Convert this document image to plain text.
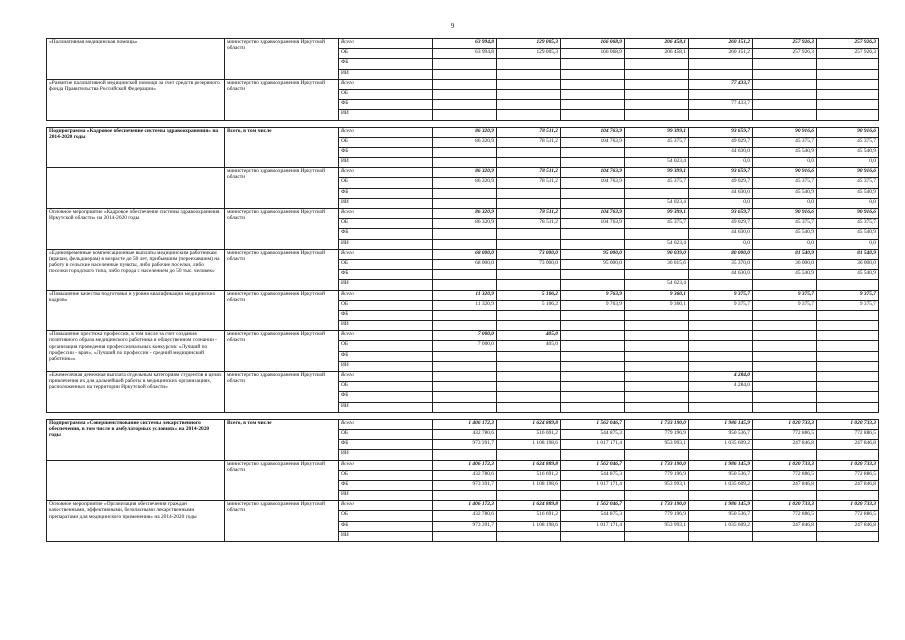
9
«Паллиативная медицинская помощь»	министерство здравоохранения Иркутской области	Всего	63 994,8	129 005,3	166 068,9	206 458,1	260 151,2	257 926,3	257 926,3
		ОБ	63 994,8	129 005,3	166 068,9	206 458,1	260 151,2	257 926,3	257 926,3
		ФБ							
		ИИ							
«Развитие паллиативной медицинской помощи за счет средств резервного фонда Правительства Российской Федерации»	министерство здравоохранения Иркутской области	Всего					77 433,7		
		ОБ							
		ФБ					77 433,7		
		ИИ							

Подпрограмма «Кадровое обеспечение системы здравоохранения» на 2014-2020 годы	Всего, в том числе	Всего	86 320,9	78 511,2	104 763,9	99 399,1	93 659,7	90 916,6	90 916,6
		ОБ	86 320,9	78 511,2	104 763,9	45 375,7	49 029,7	45 375,7	45 375,7
		ФБ					44 630,0	45 540,9	45 540,9
		ИИ				54 023,4	0,0	0,0	0,0
	министерство здравоохранения Иркутской области	Всего	86 320,9	78 511,2	104 763,9	99 399,1	93 659,7	90 916,6	90 916,6
		ОБ	86 320,9	78 511,2	104 763,9	45 375,7	49 029,7	45 375,7	45 375,7
		ФБ					44 630,0	45 540,9	45 540,9
		ИИ				54 023,4	0,0	0,0	0,0
Основное мероприятие «Кадровое обеспечение системы здравоохранения Иркутской области» на 2014-2020 годы	министерство здравоохранения Иркутской области	Всего	86 320,9	78 511,2	104 763,9	99 399,1	93 659,7	90 916,6	90 916,6
		ОБ	86 320,9	78 511,2	104 763,9	45 375,7	49 029,7	45 375,7	45 375,7
		ФБ					44 630,0	45 540,9	45 540,9
		ИИ				54 023,4	0,0	0,0	0,0
«Единовременные компенсационные выплаты медицинским работникам (врачам, фельдшерам) в возрасте до 50 лет, прибывшим (переехавшим) на работу в сельские населенные пункты, либо рабочие поселки, либо поселки городского типа, либо города с населением до 50 тыс. человек»	министерство здравоохранения Иркутской области	Всего	68 000,0	73 000,0	95 000,0	90 039,0	80 000,0	81 540,9	81 540,9
		ОБ	68 000,0	73 000,0	95 000,0	36 015,6	35 370,0	36 000,0	36 000,0
		ФБ					44 630,0	45 540,9	45 540,9
		ИИ				54 023,4			
«Повышение качества подготовки и уровня квалификации медицинских кадров»	министерство здравоохранения Иркутской области	Всего	11 320,9	5 106,2	9 763,9	9 360,1	9 375,7	9 375,7	9 375,7
		ОБ	11 320,9	5 106,2	9 763,9	9 360,1	9 375,7	9 375,7	9 375,7
		ФБ							
		ИИ							
«Повышение престижа профессии, в том числе за счет создания позитивного образа медицинского работника в общественном сознании - организация проведения профессиональных конкурсов: «Лучший по профессии - врач», «Лучший по профессии - средний медицинский работник»»	министерство здравоохранения Иркутской области	Всего	7 000,0	405,0					
		ОБ	7 000,0	405,0					
		ФБ							
		ИИ							
«Ежемесячная денежная выплата отдельным категориям студентов в целях привлечения их для дальнейшей работы в медицинских организациях, расположенных на территории Иркутской области»	министерство здравоохранения Иркутской области	Всего					4 284,0		
		ОБ					4 284,0		
		ФБ							
		ИИ							

Подпрограмма «Совершенствование системы лекарственного обеспечения, в том числе в амбулаторных условиях» на 2014-2020 годы	Всего, в том числе	Всего	1 406 172,3	1 624 889,8	1 562 046,7	1 733 190,0	1 986 145,9	1 020 733,3	1 020 733,3
		ОБ	432 780,6	516 691,2	544 875,3	779 196,9	950 536,7	772 886,5	772 886,5
		ФБ	973 391,7	1 108 198,6	1 017 171,4	953 993,1	1 035 609,2	247 846,8	247 846,8
		ИИ							
	министерство здравоохранения Иркутской области	Всего	1 406 172,3	1 624 889,8	1 562 046,7	1 733 190,0	1 986 145,9	1 020 733,3	1 020 733,3
		ОБ	432 780,6	516 691,2	544 875,3	779 196,9	950 536,7	772 886,5	772 886,5
		ФБ	973 391,7	1 108 198,6	1 017 171,4	953 993,1	1 035 609,2	247 846,8	247 846,8
		ИИ							
Основное мероприятие «Организация обеспечения граждан качественными, эффективными, безопасными лекарственными препаратами для медицинского применения» на 2014-2020 годы	министерство здравоохранения Иркутской области	Всего	1 406 172,3	1 624 889,8	1 562 046,7	1 733 190,0	1 986 145,9	1 020 733,3	1 020 733,3
		ОБ	432 780,6	516 691,2	544 875,3	779 196,9	950 536,7	772 886,5	772 886,5
		ФБ	973 391,7	1 108 198,6	1 017 171,4	953 993,1	1 035 609,2	247 846,8	247 846,8
		ИИ							
